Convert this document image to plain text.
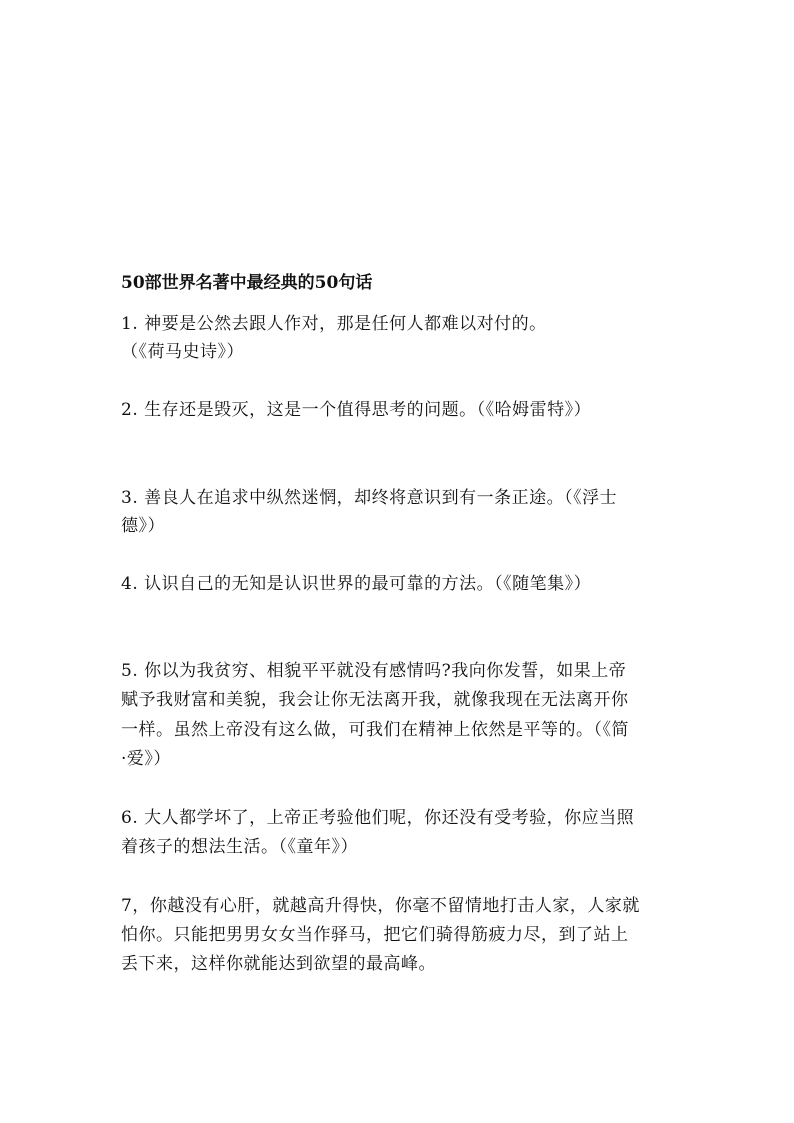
50部世界名著中最经典的50句话
1. 神要是公然去跟人作对，那是任何人都难以对付的。
（《荷马史诗》）
2. 生存还是毁灭，这是一个值得思考的问题。（《哈姆雷特》）
3. 善良人在追求中纵然迷惘，却终将意识到有一条正途。（《浮士
德》）
4. 认识自己的无知是认识世界的最可靠的方法。（《随笔集》）
5. 你以为我贫穷、相貌平平就没有感情吗?我向你发誓，如果上帝
赋予我财富和美貌，我会让你无法离开我，就像我现在无法离开你
一样。虽然上帝没有这么做，可我们在精神上依然是平等的。（《简
·爱》）
6. 大人都学坏了，上帝正考验他们呢，你还没有受考验，你应当照
着孩子的想法生活。（《童年》）
7，你越没有心肝，就越高升得快，你毫不留情地打击人家，人家就
怕你。只能把男男女女当作驿马，把它们骑得筋疲力尽，到了站上
丢下来，这样你就能达到欲望的最高峰。
